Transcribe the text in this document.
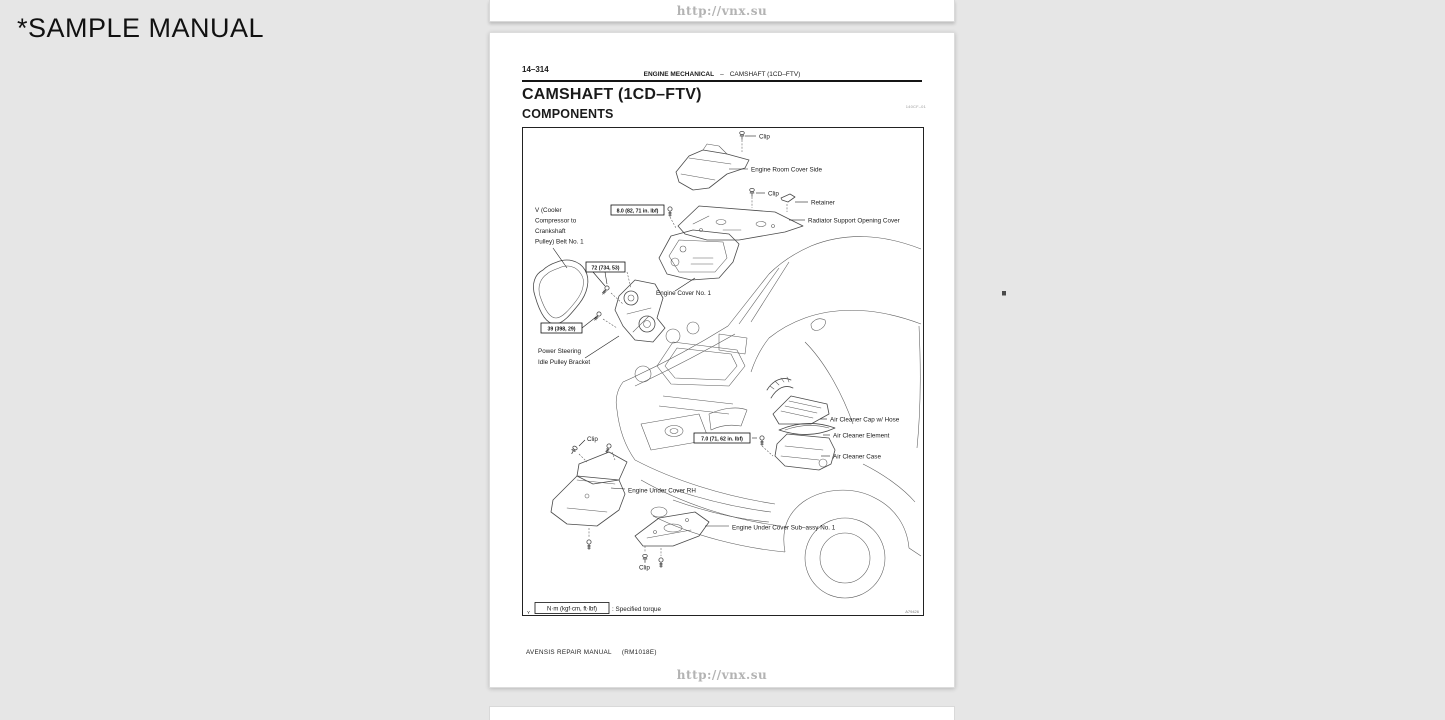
*SAMPLE MANUAL
http://vnx.su
14–314
ENGINE MECHANICAL – CAMSHAFT (1CD–FTV)
CAMSHAFT (1CD–FTV)
COMPONENTS
140CF–01
8.0 (82, 71 in. lbf)
72 (734, 53)
39 (398, 29)
7.0 (71, 62 in. lbf)
Clip
Engine Room Cover Side
Clip
Retainer
Radiator Support Opening Cover
V (Cooler
Compressor to
Crankshaft
Pulley) Belt No. 1
Engine Cover No. 1
Power Steering
Idle Pulley Bracket
Clip
Air Cleaner Cap w/ Hose
Air Cleaner Element
Air Cleaner Case
Engine Under Cover RH
Engine Under Cover Sub–assy No. 1
Clip
Y	N·m (kgf·cm, ft·lbf) : Specified torque	A79426
AVENSIS REPAIR MANUAL (RM1018E)
http://vnx.su
